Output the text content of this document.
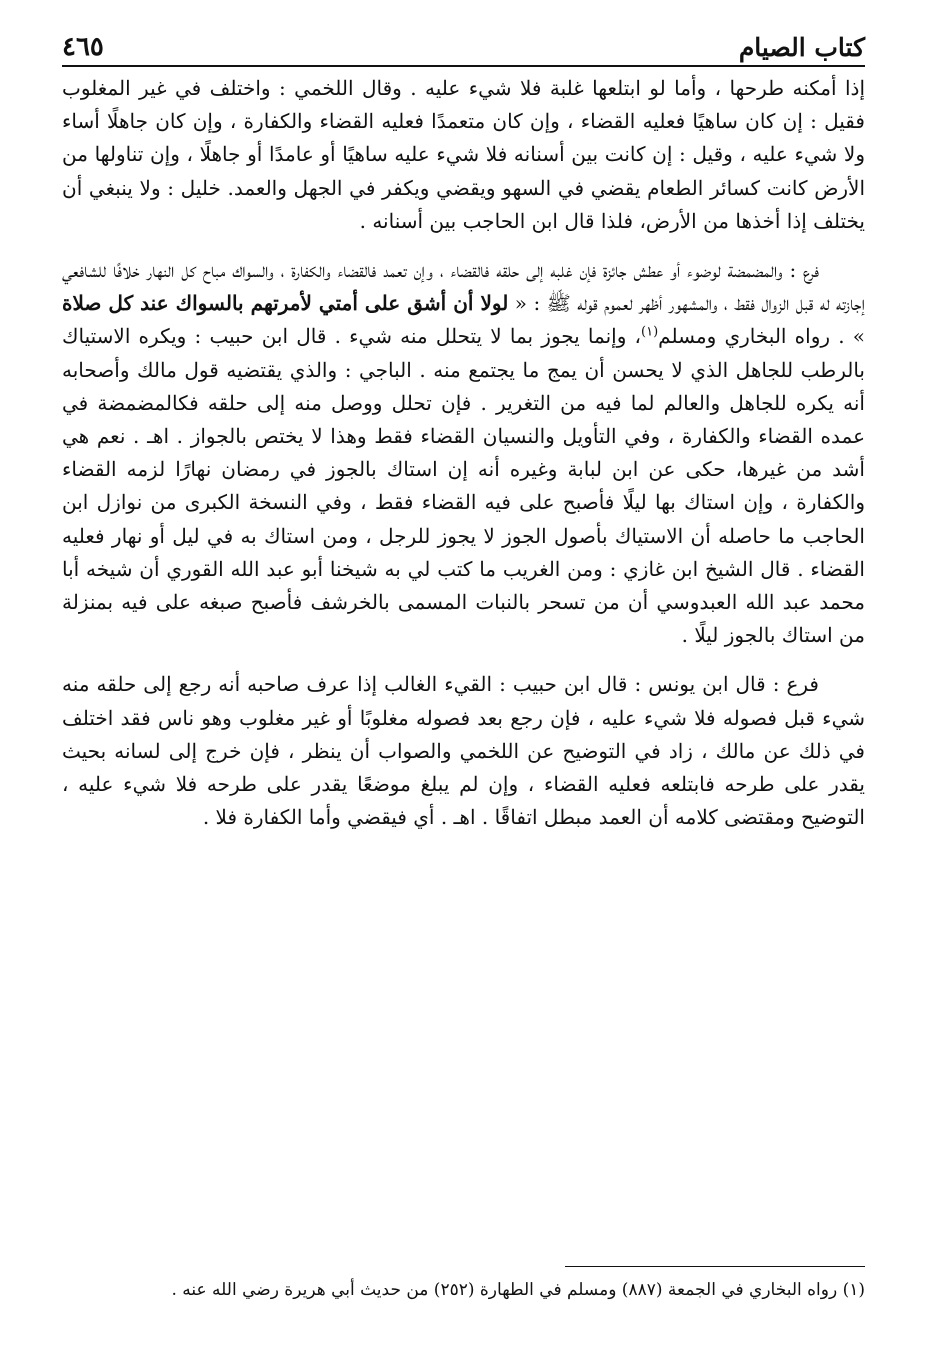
كتاب الصيام
٤٦٥

إذا أمكنه طرحها ، وأما لو ابتلعها غلبة فلا شيء عليه . وقال اللخمي : واختلف في غير المغلوب فقيل : إن كان ساهيًا فعليه القضاء ، وإن كان متعمدًا فعليه القضاء والكفارة ، وإن كان جاهلًا أساء ولا شيء عليه ، وقيل : إن كانت بين أسنانه فلا شيء عليه ساهيًا أو عامدًا أو جاهلًا ، وإن تناولها من الأرض كانت كسائر الطعام يقضي في السهو ويقضي ويكفر في الجهل والعمد. خليل : ولا ينبغي أن يختلف إذا أخذها من الأرض، فلذا قال ابن الحاجب بين أسنانه .

فرع : والمضمضة لوضوء أو عطش جائزة فإن غلبه إلى حلقه فالقضاء ، وإن تعمد فالقضاء والكفارة ، والسواك مباح كل النهار خلافًا للشافعي إجازته له قبل الزوال فقط ، والمشهور أظهر لعموم قوله ﷺ : « لولا أن أشق على أمتي لأمرتهم بالسواك عند كل صلاة » . رواه البخاري ومسلم$^{(١)}$، وإنما يجوز بما لا يتحلل منه شيء . قال ابن حبيب : ويكره الاستياك بالرطب للجاهل الذي لا يحسن أن يمج ما يجتمع منه . الباجي : والذي يقتضيه قول مالك وأصحابه أنه يكره للجاهل والعالم لما فيه من التغرير . فإن تحلل ووصل منه إلى حلقه فكالمضمضة في عمده القضاء والكفارة ، وفي التأويل والنسيان القضاء فقط وهذا لا يختص بالجواز . اهـ . نعم هي أشد من غيرها، حكى عن ابن لبابة وغيره أنه إن استاك بالجوز في رمضان نهارًا لزمه القضاء والكفارة ، وإن استاك بها ليلًا فأصبح على فيه القضاء فقط ، وفي النسخة الكبرى من نوازل ابن الحاجب ما حاصله أن الاستياك بأصول الجوز لا يجوز للرجل ، ومن استاك به في ليل أو نهار فعليه القضاء . قال الشيخ ابن غازي : ومن الغريب ما كتب لي به شيخنا أبو عبد الله القوري أن شيخه أبا محمد عبد الله العبدوسي أن من تسحر بالنبات المسمى بالخرشف فأصبح صبغه على فيه بمنزلة من استاك بالجوز ليلًا .

فرع : قال ابن يونس : قال ابن حبيب : القيء الغالب إذا عرف صاحبه أنه رجع إلى حلقه منه شيء قبل فصوله فلا شيء عليه ، فإن رجع بعد فصوله مغلوبًا أو غير مغلوب وهو ناس فقد اختلف في ذلك عن مالك ، زاد في التوضيح عن اللخمي والصواب أن ينظر ، فإن خرج إلى لسانه بحيث يقدر على طرحه فابتلعه فعليه القضاء ، وإن لم يبلغ موضعًا يقدر على طرحه فلا شيء عليه ، التوضيح ومقتضى كلامه أن العمد مبطل اتفاقًا . اهـ . أي فيقضي وأما الكفارة فلا .

(١) رواه البخاري في الجمعة (٨٨٧) ومسلم في الطهارة (٢٥٢) من حديث أبي هريرة رضي الله عنه .
